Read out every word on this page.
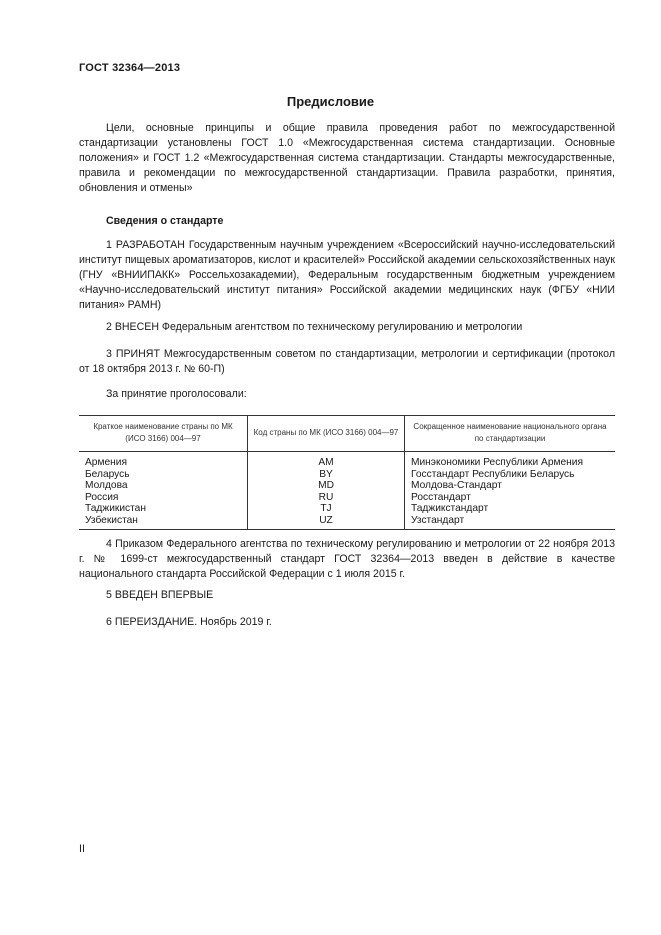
ГОСТ 32364—2013
Предисловие
Цели, основные принципы и общие правила проведения работ по межгосударственной стандартизации установлены ГОСТ 1.0 «Межгосударственная система стандартизации. Основные положения» и ГОСТ 1.2 «Межгосударственная система стандартизации. Стандарты межгосударственные, правила и рекомендации по межгосударственной стандартизации. Правила разработки, принятия, обновления и отмены»
Сведения о стандарте
1 РАЗРАБОТАН Государственным научным учреждением «Всероссийский научно-исследовательский институт пищевых ароматизаторов, кислот и красителей» Российской академии сельскохозяйственных наук (ГНУ «ВНИИПАКК» Россельхозакадемии), Федеральным государственным бюджетным учреждением «Научно-исследовательский институт питания» Российской академии медицинских наук (ФГБУ «НИИ питания» РАМН)
2 ВНЕСЕН Федеральным агентством по техническому регулированию и метрологии
3 ПРИНЯТ Межгосударственным советом по стандартизации, метрологии и сертификации (протокол от 18 октября 2013 г. № 60-П)
За принятие проголосовали:
Краткое наименование страны по МК (ИСО 3166) 004—97	Код страны по МК (ИСО 3166) 004—97	Сокращенное наименование национального органа по стандартизации
Армения	AM	Минэкономики Республики Армения
Беларусь	BY	Госстандарт Республики Беларусь
Молдова	MD	Молдова-Стандарт
Россия	RU	Росстандарт
Таджикистан	TJ	Таджикстандарт
Узбекистан	UZ	Узстандарт
4 Приказом Федерального агентства по техническому регулированию и метрологии от 22 ноября 2013 г. № 1699-ст межгосударственный стандарт ГОСТ 32364—2013 введен в действие в качестве национального стандарта Российской Федерации с 1 июля 2015 г.
5 ВВЕДЕН ВПЕРВЫЕ
6 ПЕРЕИЗДАНИЕ. Ноябрь 2019 г.
II
